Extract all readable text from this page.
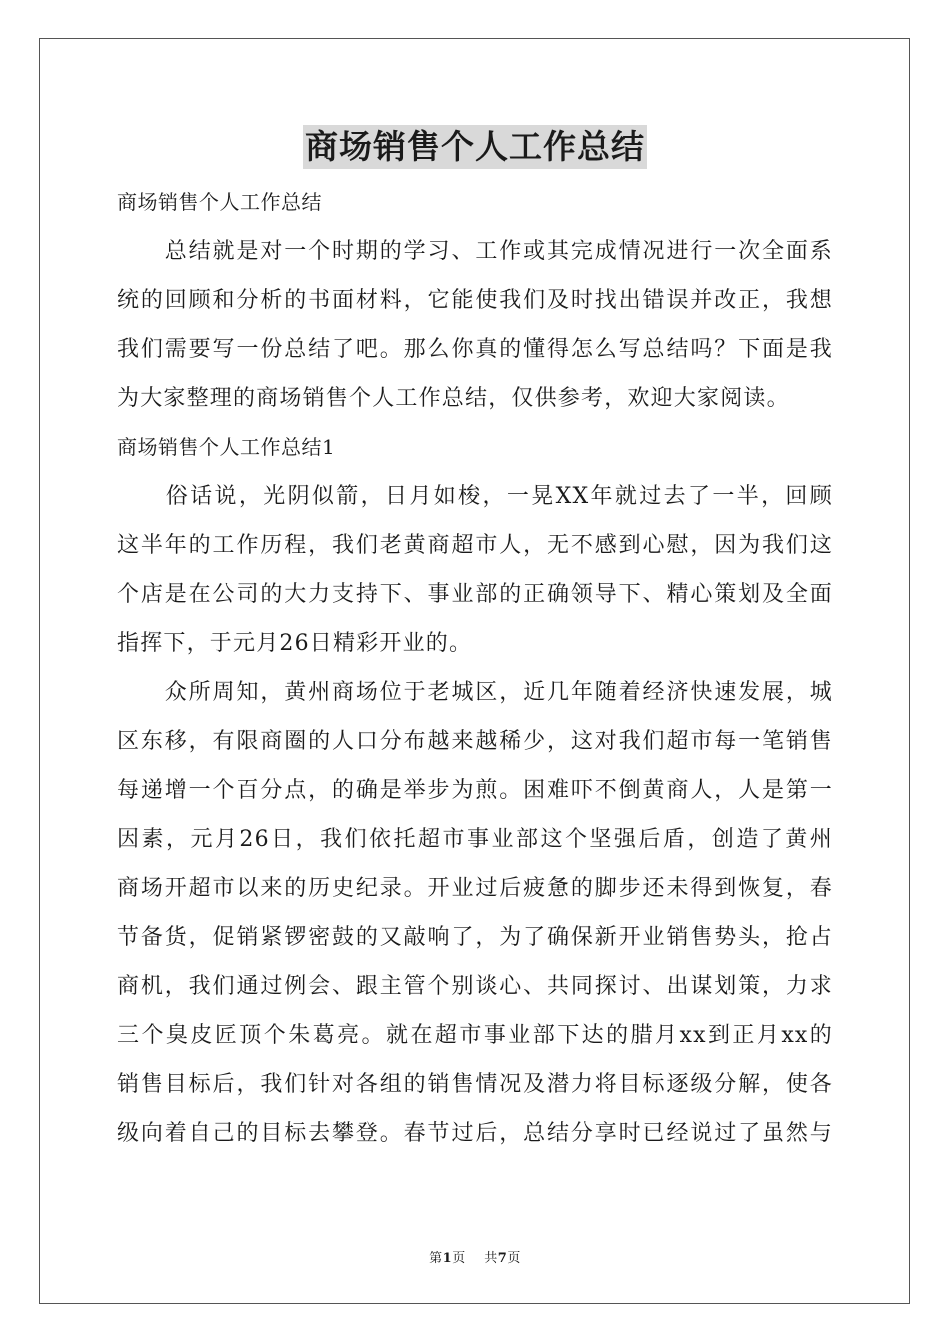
商场销售个人工作总结
商场销售个人工作总结
　　总结就是对一个时期的学习、工作或其完成情况进行一次全面系
统的回顾和分析的书面材料，它能使我们及时找出错误并改正，我想
我们需要写一份总结了吧。那么你真的懂得怎么写总结吗？下面是我
为大家整理的商场销售个人工作总结，仅供参考，欢迎大家阅读。
商场销售个人工作总结1
　　俗话说，光阴似箭，日月如梭，一晃XX年就过去了一半，回顾
这半年的工作历程，我们老黄商超市人，无不感到心慰，因为我们这
个店是在公司的大力支持下、事业部的正确领导下、精心策划及全面
指挥下，于元月26日精彩开业的。
　　众所周知，黄州商场位于老城区，近几年随着经济快速发展，城
区东移，有限商圈的人口分布越来越稀少，这对我们超市每一笔销售
每递增一个百分点，的确是举步为煎。困难吓不倒黄商人，人是第一
因素，元月26日，我们依托超市事业部这个坚强后盾，创造了黄州
商场开超市以来的历史纪录。开业过后疲惫的脚步还未得到恢复，春
节备货，促销紧锣密鼓的又敲响了，为了确保新开业销售势头，抢占
商机，我们通过例会、跟主管个别谈心、共同探讨、出谋划策，力求
三个臭皮匠顶个朱葛亮。就在超市事业部下达的腊月xx到正月xx的
销售目标后，我们针对各组的销售情况及潜力将目标逐级分解，使各
级向着自己的目标去攀登。春节过后，总结分享时已经说过了虽然与
第1页 共7页
